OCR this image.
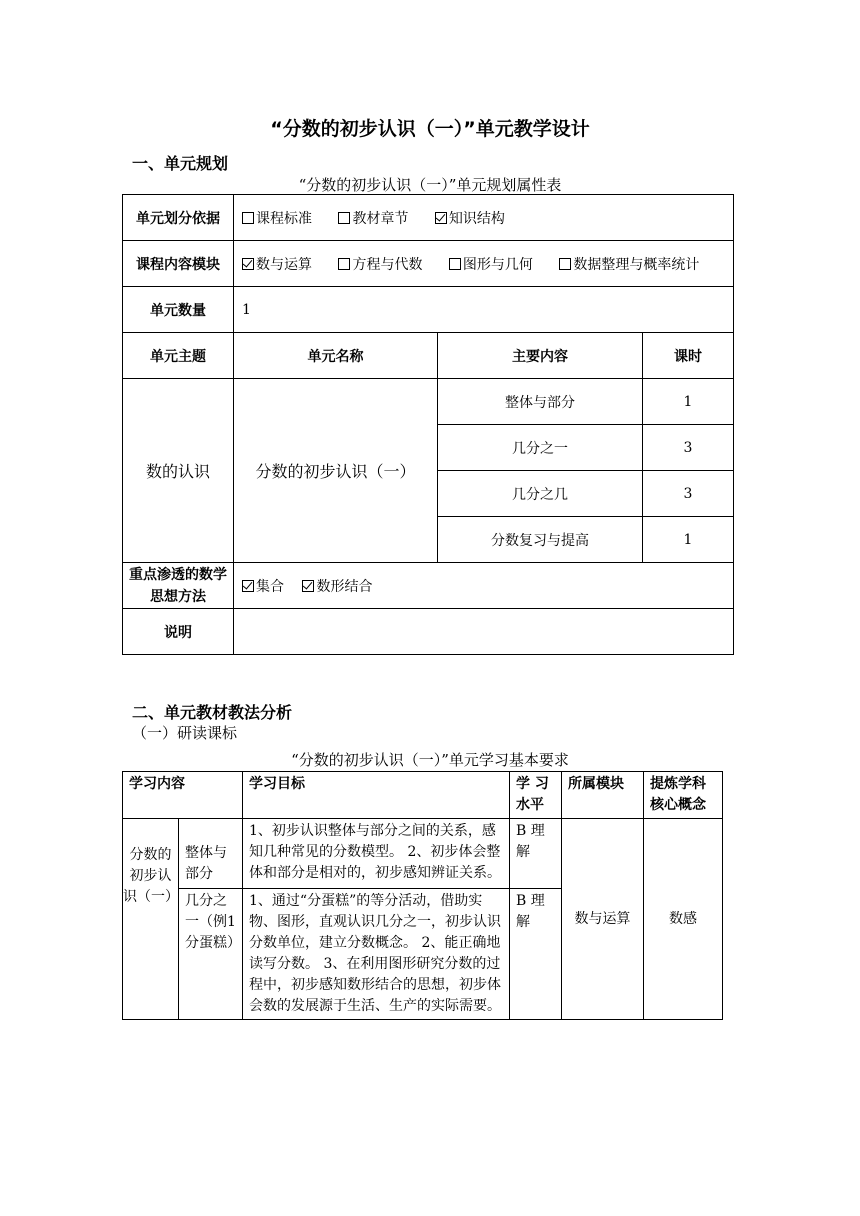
“分数的初步认识（一）”单元教学设计
一、单元规划
“分数的初步认识（一）”单元规划属性表
单元划分依据	课程标准 教材章节 知识结构		
课程内容模块	数与运算 方程与代数 图形与几何 数据整理与概率统计		
单元数量	1		
单元主题	单元名称	主要内容	课时
数的认识	分数的初步认识（一）	整体与部分	1
		几分之一	3
		几分之几	3
		分数复习与提高	1
重点渗透的数学思想方法	集合 数形结合		
说明			
二、单元教材教法分析
（一）研读课标
“分数的初步认识（一）”单元学习基本要求
学习内容		学习目标	学 习 水平	所属模块	提炼学科核心概念
分数的初步认识（一）	整体与部分	1、初步认识整体与部分之间的关系，感知几种常见的分数模型。 2、初步体会整体和部分是相对的，初步感知辨证关系。	B 理解	数与运算	数感
	几分之一（例1分蛋糕）	1、通过“分蛋糕”的等分活动，借助实物、图形，直观认识几分之一，初步认识分数单位，建立分数概念。 2、能正确地读写分数。 3、在利用图形研究分数的过程中，初步感知数形结合的思想，初步体会数的发展源于生活、生产的实际需要。	B 理解		
